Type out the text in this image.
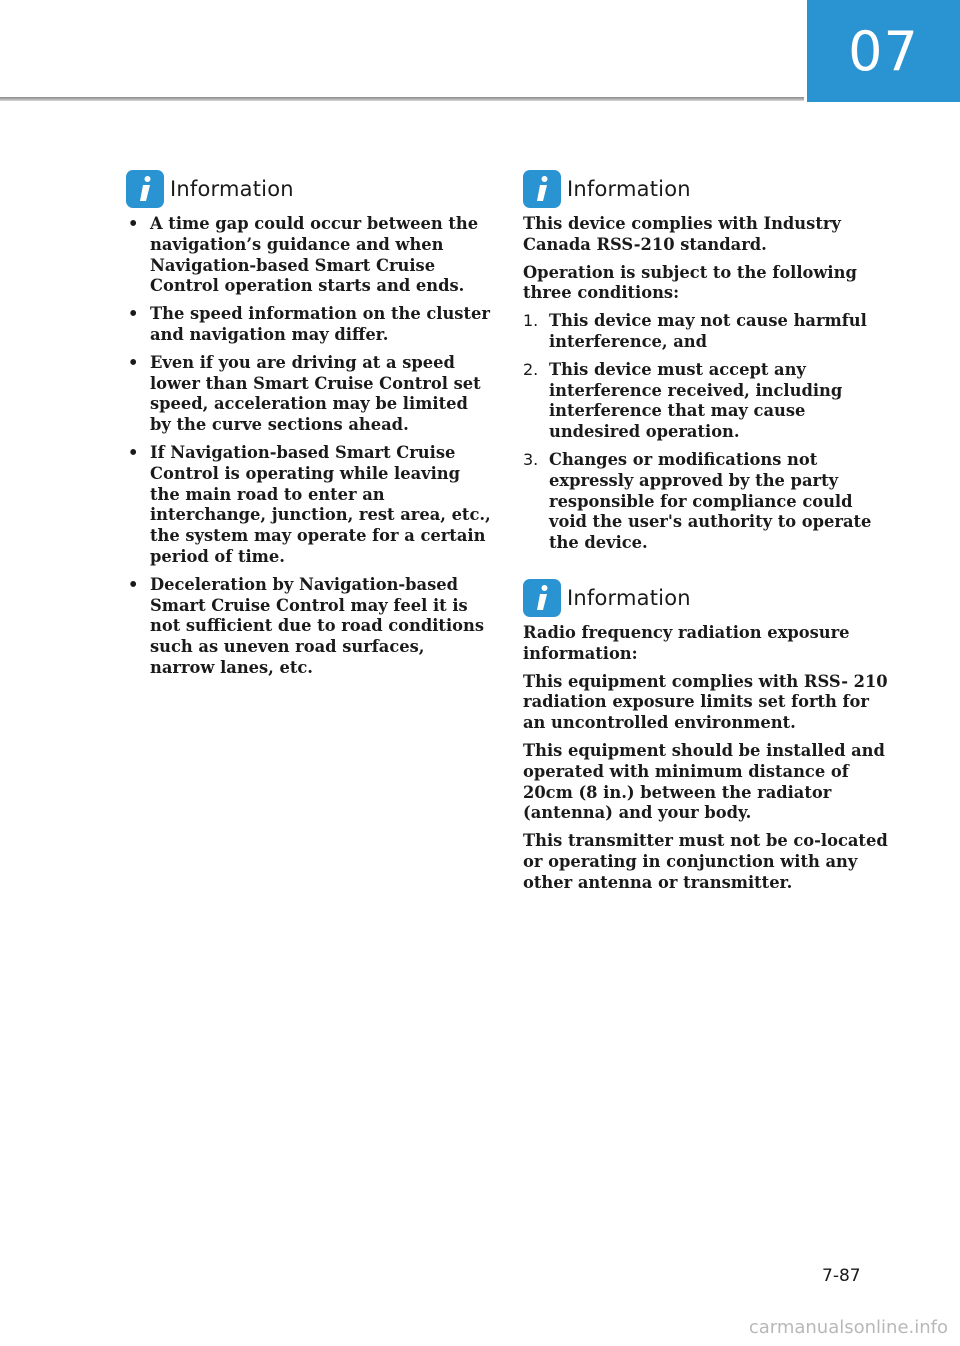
07
Information
• A time gap could occur between the navigation’s guidance and when Navigation-based Smart Cruise Control operation starts and ends.
• The speed information on the cluster and navigation may differ.
• Even if you are driving at a speed lower than Smart Cruise Control set speed, acceleration may be limited by the curve sections ahead.
• If Navigation-based Smart Cruise Control is operating while leaving the main road to enter an interchange, junction, rest area, etc., the system may operate for a certain period of time.
• Deceleration by Navigation-based Smart Cruise Control may feel it is not sufficient due to road conditions such as uneven road surfaces, narrow lanes, etc.
Information

This device complies with Industry Canada RSS-210 standard.

Operation is subject to the following three conditions:

1. This device may not cause harmful interference, and
2. This device must accept any interference received, including interference that may cause undesired operation.
3. Changes or modifications not expressly approved by the party responsible for compliance could void the user's authority to operate the device.
Information

Radio frequency radiation exposure information:

This equipment complies with RSS- 210 radiation exposure limits set forth for an uncontrolled environment.

This equipment should be installed and operated with minimum distance of 20cm (8 in.) between the radiator (antenna) and your body.

This transmitter must not be co-located or operating in conjunction with any other antenna or transmitter.

7-87
carmanualsonline.info
